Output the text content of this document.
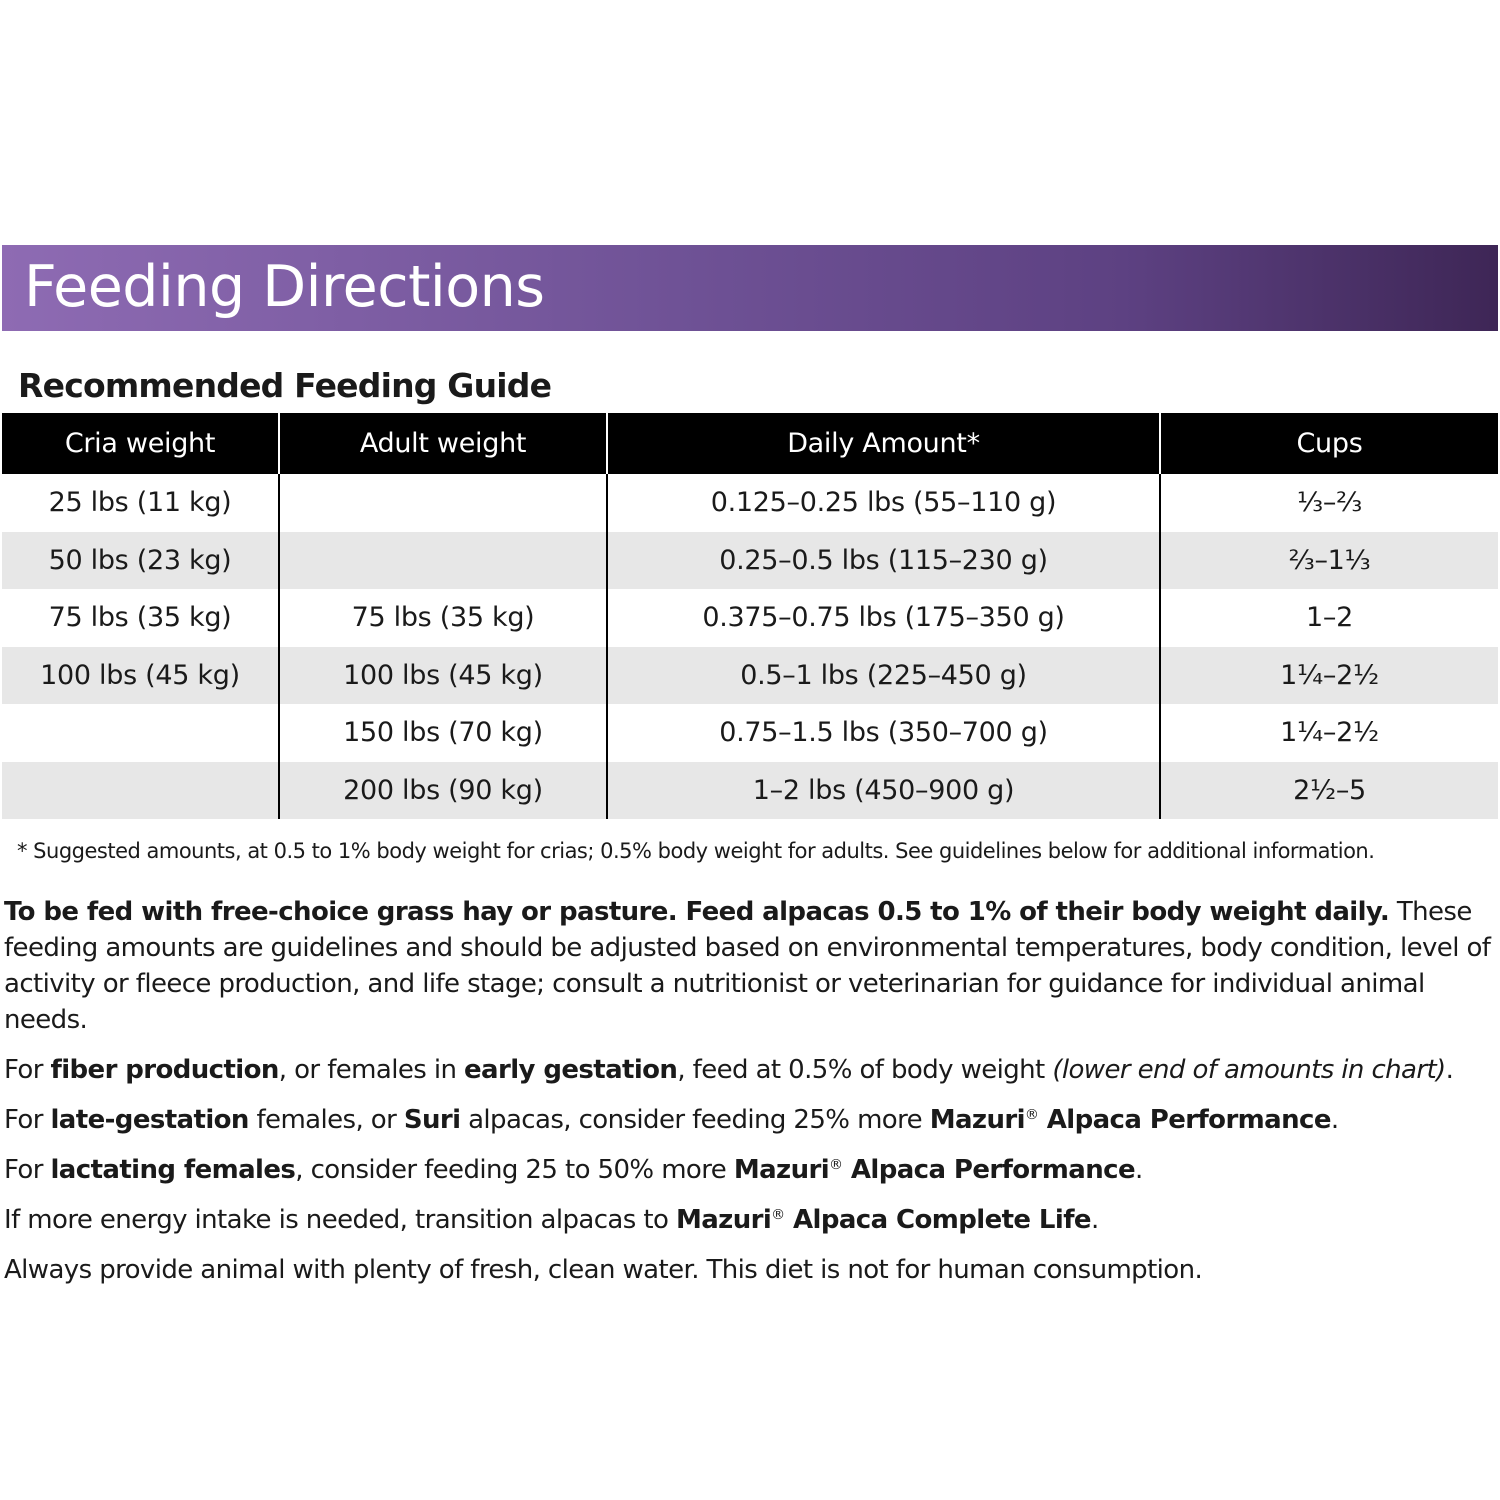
Feeding Directions
Recommended Feeding Guide
Cria weight	Adult weight	Daily Amount*	Cups
25 lbs (11 kg)		0.125–0.25 lbs (55–110 g)	⅓–⅔
50 lbs (23 kg)		0.25–0.5 lbs (115–230 g)	⅔–1⅓
75 lbs (35 kg)	75 lbs (35 kg)	0.375–0.75 lbs (175–350 g)	1–2
100 lbs (45 kg)	100 lbs (45 kg)	0.5–1 lbs (225–450 g)	1¼–2½
	150 lbs (70 kg)	0.75–1.5 lbs (350–700 g)	1¼–2½
	200 lbs (90 kg)	1–2 lbs (450–900 g)	2½–5
* Suggested amounts, at 0.5 to 1% body weight for crias; 0.5% body weight for adults. See guidelines below for additional information.

To be fed with free-choice grass hay or pasture. Feed alpacas 0.5 to 1% of their body weight daily. These feeding amounts are guidelines and should be adjusted based on environmental temperatures, body condition, level of activity or fleece production, and life stage; consult a nutritionist or veterinarian for guidance for individual animal needs.

For fiber production, or females in early gestation, feed at 0.5% of body weight (lower end of amounts in chart).

For late-gestation females, or Suri alpacas, consider feeding 25% more Mazuri® Alpaca Performance.

For lactating females, consider feeding 25 to 50% more Mazuri® Alpaca Performance.

If more energy intake is needed, transition alpacas to Mazuri® Alpaca Complete Life.

Always provide animal with plenty of fresh, clean water. This diet is not for human consumption.
